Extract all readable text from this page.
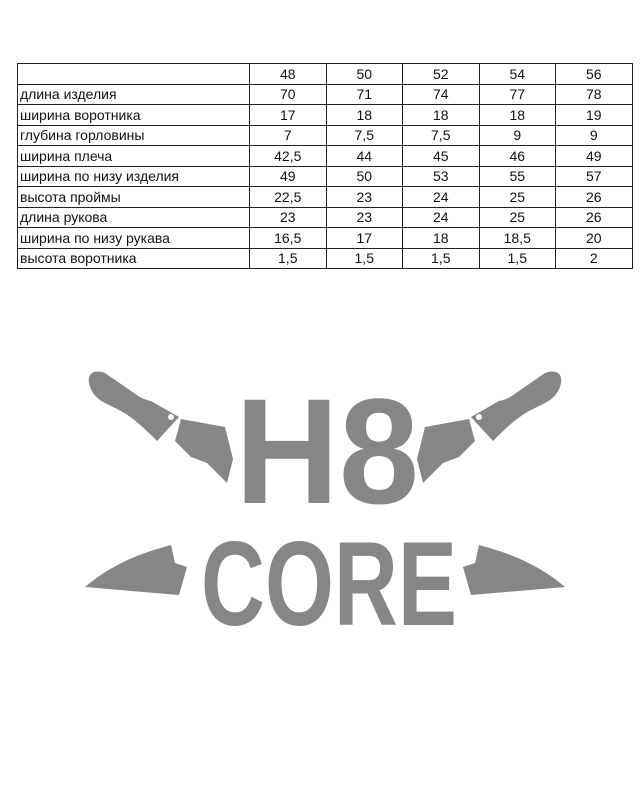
	48	50	52	54	56
длина изделия	70	71	74	77	78
ширина воротника	17	18	18	18	19
глубина горловины	7	7,5	7,5	9	9
ширина плеча	42,5	44	45	46	49
ширина по низу изделия	49	50	53	55	57
высота проймы	22,5	23	24	25	26
длина рукова	23	23	24	25	26
ширина по низу рукава	16,5	17	18	18,5	20
высота воротника	1,5	1,5	1,5	1,5	2
H8
CORE
